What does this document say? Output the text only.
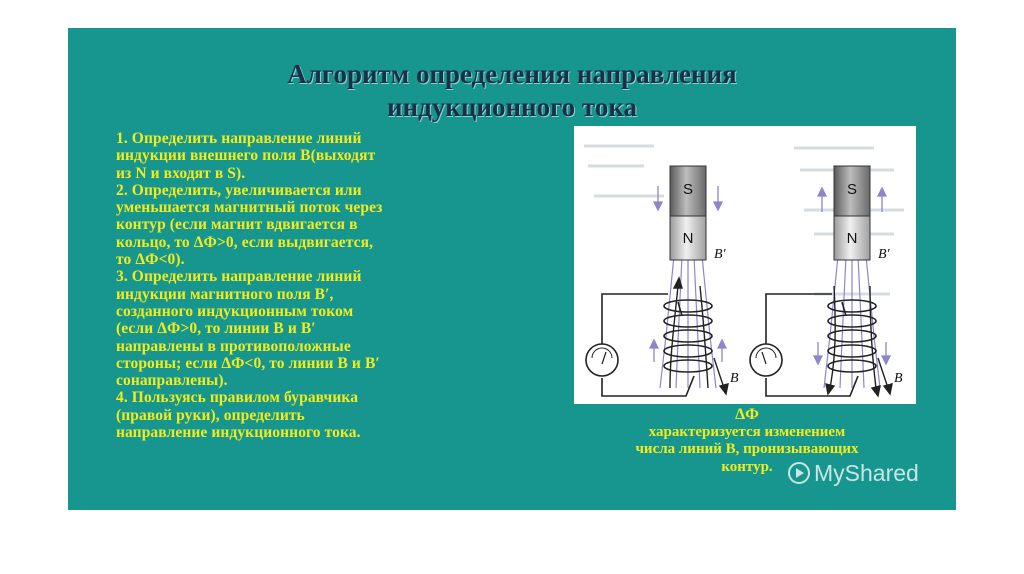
Алгоритм определения направления
индукционного тока
1. Определить направление линий
индукции внешнего поля B(выходят
из N и входят в S).
2. Определить, увеличивается или
уменьшается магнитный поток через
контур (если магнит вдвигается в
кольцо, то ΔФ>0, если выдвигается,
то ΔФ<0).
3. Определить направление линий
индукции магнитного поля B′,
созданного индукционным током
(если ΔФ>0, то линии B и B′
направлены в противоположные
стороны; если ΔФ<0, то линии B и B′
сонаправлены).
4. Пользуясь правилом буравчика
(правой руки), определить
направление индукционного тока.
S
N
B′
B
S
N
B′
B
ΔФ
характеризуется изменением
числа линий B, пронизывающих
контур.	MyShared
